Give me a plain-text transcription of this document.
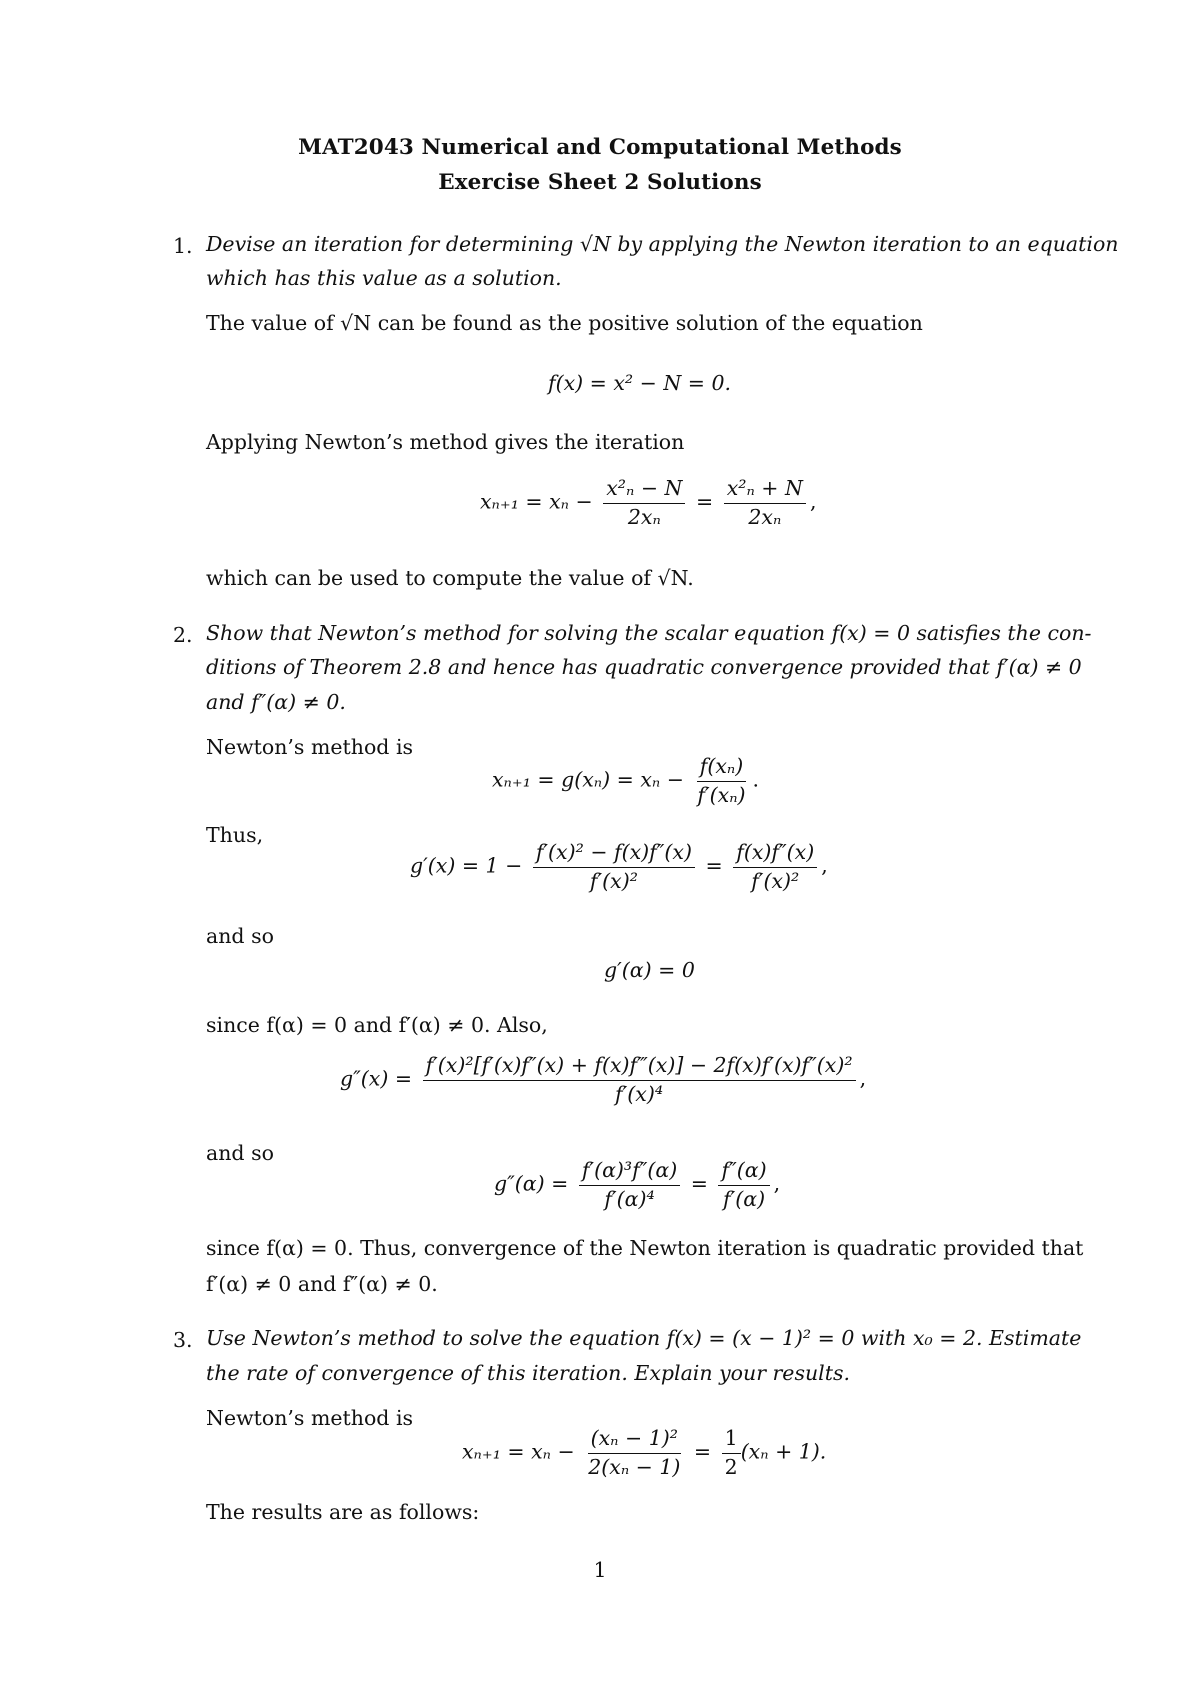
MAT2043 Numerical and Computational Methods
Exercise Sheet 2 Solutions
1. Devise an iteration for determining √N by applying the Newton iteration to an equation
which has this value as a solution.
The value of √N can be found as the positive solution of the equation
f(x) = x² − N = 0.
Applying Newton’s method gives the iteration
$x_{n+1} = x_n - \frac{\text{x²ₙ − N}}{\text{2xₙ}} = \frac{\text{x²ₙ + N}}{\text{2xₙ}}$ ,
which can be used to compute the value of √N.
2. Show that Newton’s method for solving the scalar equation f(x) = 0 satisfies the con-
ditions of Theorem 2.8 and hence has quadratic convergence provided that f′(α) ≠ 0
and f″(α) ≠ 0.
Newton’s method is
$x_{n+1} = g(x_n) = x_n - \frac{\text{f(xₙ)}}{\text{f′(xₙ)}}$ .
Thus,
$g'(x) = 1 - \frac{\text{f′(x)² − f(x)f″(x)}}{\text{f′(x)²}} = \frac{f(x)f''(x)}{\text{f′(x)²}}$ ,
and so
g′(α) = 0
since f(α) = 0 and f′(α) ≠ 0. Also,
$g''(x) = \frac{\text{f′(x)²[f′(x)f″(x) + f(x)f‴(x)] − 2f(x)f′(x)f″(x)²}}{\text{f′(x)⁴}}$ ,
and so
$g''(\alpha) = \frac{\text{f′(α)³f″(α)}}{\text{f′(α)⁴}} = \frac{f''(\alpha)}{f'(\alpha)}$ ,
since f(α) = 0. Thus, convergence of the Newton iteration is quadratic provided that
f′(α) ≠ 0 and f″(α) ≠ 0.
3. Use Newton’s method to solve the equation f(x) = (x − 1)² = 0 with x₀ = 2. Estimate
the rate of convergence of this iteration. Explain your results.
Newton’s method is
$x_{n+1} = x_n - \frac{\text{(xₙ − 1)²}}{\text{2(xₙ − 1)}} = \frac{1}{2} (x_n + 1)$.
The results are as follows:
1
